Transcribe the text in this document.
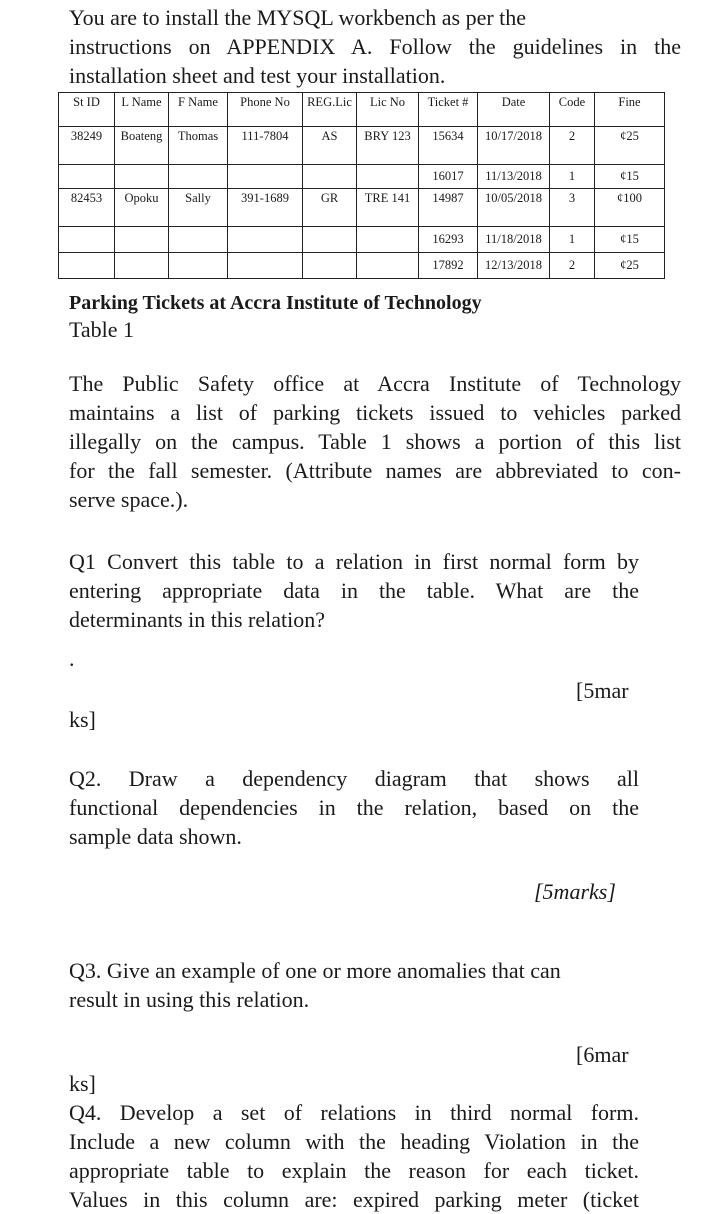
You are to install the MYSQL workbench as per the
instructions on APPENDIX A. Follow the guidelines in the
installation sheet and test your installation.
St ID	L Name	F Name	Phone No	REG.Lic	Lic No	Ticket #	Date	Code	Fine
38249	Boateng	Thomas	111-7804	AS	BRY 123	15634	10/17/2018	2	¢25
						16017	11/13/2018	1	¢15
82453	Opoku	Sally	391-1689	GR	TRE 141	14987	10/05/2018	3	¢100
						16293	11/18/2018	1	¢15
						17892	12/13/2018	2	¢25
Parking Tickets at Accra Institute of Technology
Table 1
The Public Safety office at Accra Institute of Technology
maintains a list of parking tickets issued to vehicles parked
illegally on the campus. Table 1 shows a portion of this list
for the fall semester. (Attribute names are abbreviated to con-
serve space.).
Q1 Convert this table to a relation in first normal form by
entering appropriate data in the table. What are the
determinants in this relation?
.
[5mar
ks]
Q2. Draw a dependency diagram that shows all
functional dependencies in the relation, based on the
sample data shown.
[5marks]
Q3. Give an example of one or more anomalies that can
result in using this relation.
[6mar
ks]
Q4. Develop a set of relations in third normal form.
Include a new column with the heading Violation in the
appropriate table to explain the reason for each ticket.
Values in this column are: expired parking meter (ticket
